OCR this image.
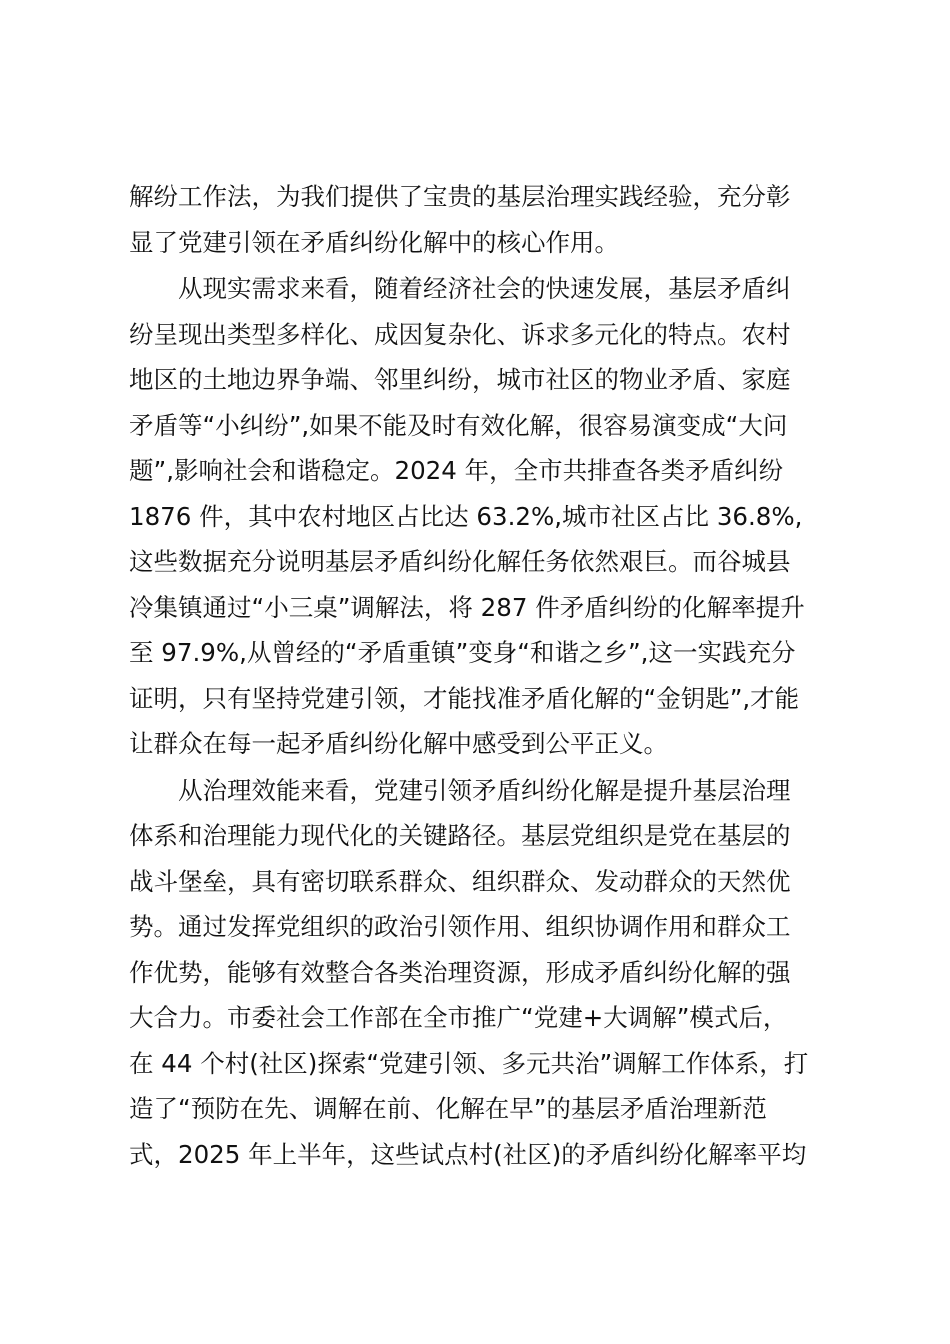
解纷工作法，为我们提供了宝贵的基层治理实践经验，充分彰
显了党建引领在矛盾纠纷化解中的核心作用。
从现实需求来看，随着经济社会的快速发展，基层矛盾纠
纷呈现出类型多样化、成因复杂化、诉求多元化的特点。农村
地区的土地边界争端、邻里纠纷，城市社区的物业矛盾、家庭
矛盾等“小纠纷”,如果不能及时有效化解，很容易演变成“大问
题”,影响社会和谐稳定。2024 年，全市共排查各类矛盾纠纷
1876 件，其中农村地区占比达 63.2%,城市社区占比 36.8%,
这些数据充分说明基层矛盾纠纷化解任务依然艰巨。而谷城县
冷集镇通过“小三桌”调解法，将 287 件矛盾纠纷的化解率提升
至 97.9%,从曾经的“矛盾重镇”变身“和谐之乡”,这一实践充分
证明，只有坚持党建引领，才能找准矛盾化解的“金钥匙”,才能
让群众在每一起矛盾纠纷化解中感受到公平正义。
从治理效能来看，党建引领矛盾纠纷化解是提升基层治理
体系和治理能力现代化的关键路径。基层党组织是党在基层的
战斗堡垒，具有密切联系群众、组织群众、发动群众的天然优
势。通过发挥党组织的政治引领作用、组织协调作用和群众工
作优势，能够有效整合各类治理资源，形成矛盾纠纷化解的强
大合力。市委社会工作部在全市推广“党建+大调解”模式后，
在 44 个村(社区)探索“党建引领、多元共治”调解工作体系，打
造了“预防在先、调解在前、化解在早”的基层矛盾治理新范
式，2025 年上半年，这些试点村(社区)的矛盾纠纷化解率平均
